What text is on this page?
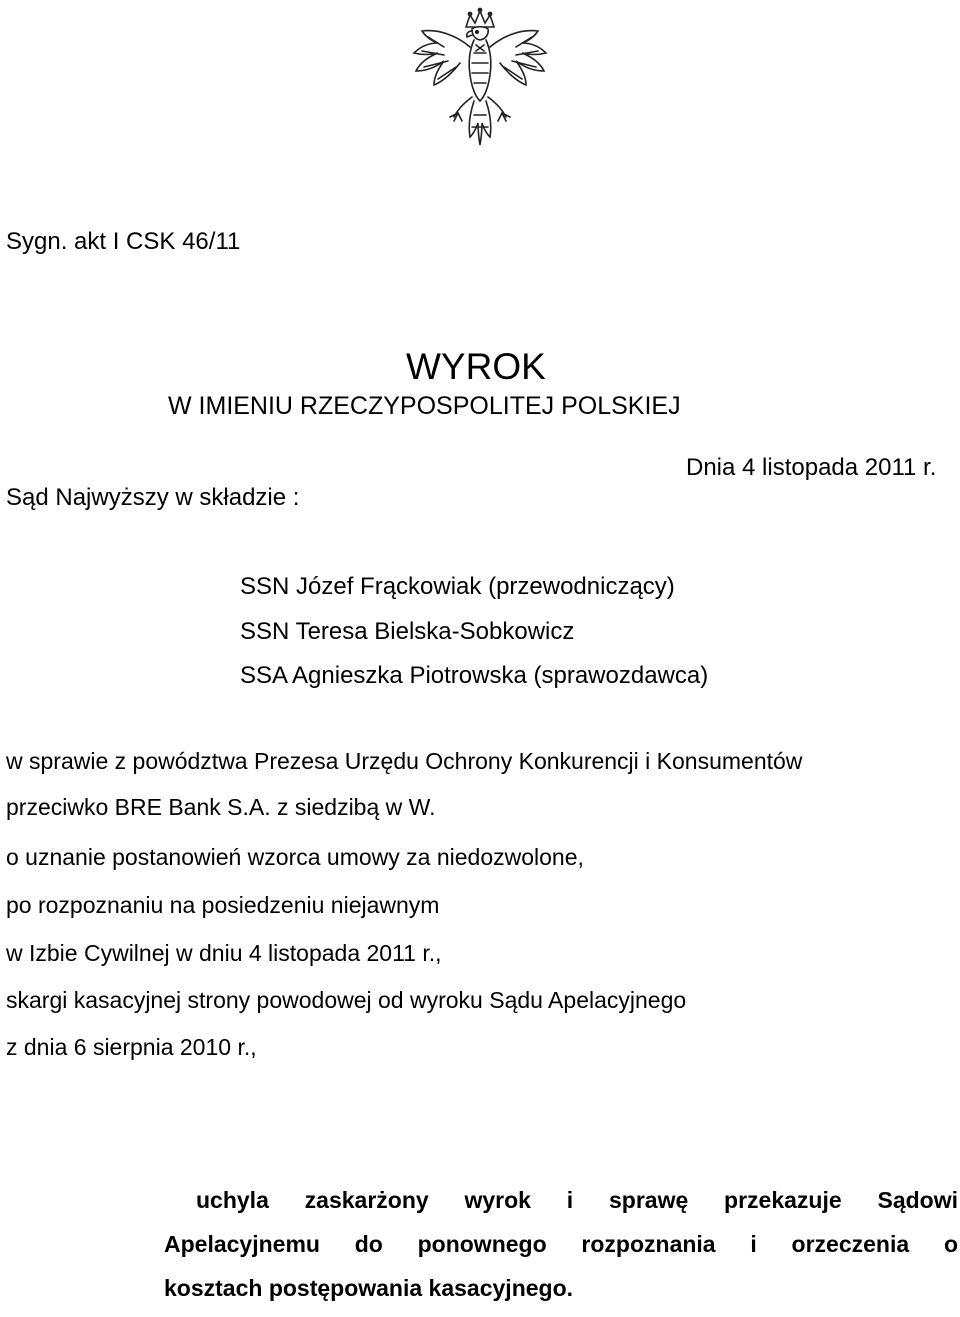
Sygn. akt I CSK 46/11
WYROK
W IMIENIU RZECZYPOSPOLITEJ POLSKIEJ
Dnia 4 listopada 2011 r.
Sąd Najwyższy w składzie :
SSN Józef Frąckowiak (przewodniczący)
SSN Teresa Bielska-Sobkowicz
SSA Agnieszka Piotrowska (sprawozdawca)
w sprawie z powództwa Prezesa Urzędu Ochrony Konkurencji i Konsumentów
przeciwko BRE Bank S.A. z siedzibą w W.
o uznanie postanowień wzorca umowy za niedozwolone,
po rozpoznaniu na posiedzeniu niejawnym
w Izbie Cywilnej w dniu 4 listopada 2011 r.,
skargi kasacyjnej strony powodowej od wyroku Sądu Apelacyjnego
z dnia 6 sierpnia 2010 r.,
uchyla zaskarżony wyrok i sprawę przekazuje Sądowi
Apelacyjnemu do ponownego rozpoznania i orzeczenia o
kosztach postępowania kasacyjnego.
